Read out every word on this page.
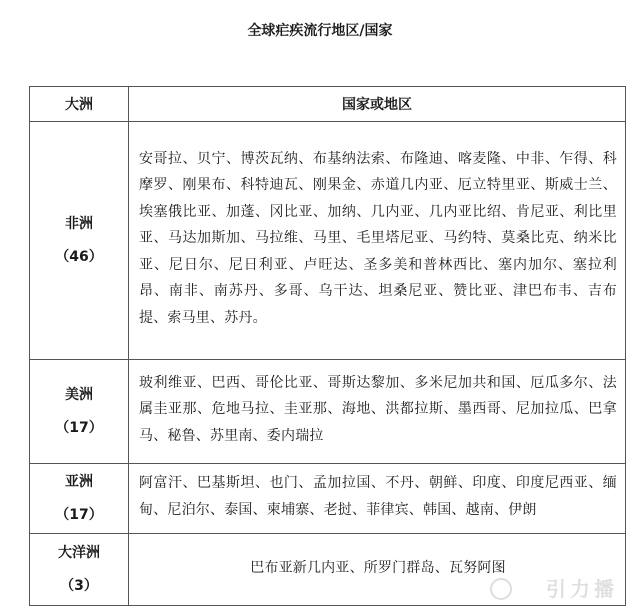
全球疟疾流行地区/国家
大洲	国家或地区

非洲
（46）	安哥拉、贝宁、博茨瓦纳、布基纳法索、布隆迪、喀麦隆、中非、乍得、科摩罗、刚果布、科特迪瓦、刚果金、赤道几内亚、厄立特里亚、斯威士兰、埃塞俄比亚、加蓬、冈比亚、加纳、几内亚、几内亚比绍、肯尼亚、利比里亚、马达加斯加、马拉维、马里、毛里塔尼亚、马约特、莫桑比克、纳米比亚、尼日尔、尼日利亚、卢旺达、圣多美和普林西比、塞内加尔、塞拉利昂、南非、南苏丹、多哥、乌干达、坦桑尼亚、赞比亚、津巴布韦、吉布提、索马里、苏丹。

美洲
（17）	玻利维亚、巴西、哥伦比亚、哥斯达黎加、多米尼加共和国、厄瓜多尔、法属圭亚那、危地马拉、圭亚那、海地、洪都拉斯、墨西哥、尼加拉瓜、巴拿马、秘鲁、苏里南、委内瑞拉

亚洲
（17）	阿富汗、巴基斯坦、也门、孟加拉国、不丹、朝鲜、印度、印度尼西亚、缅甸、尼泊尔、泰国、柬埔寨、老挝、菲律宾、韩国、越南、伊朗

大洋洲
（3）	巴布亚新几内亚、所罗门群岛、瓦努阿图
引力播
